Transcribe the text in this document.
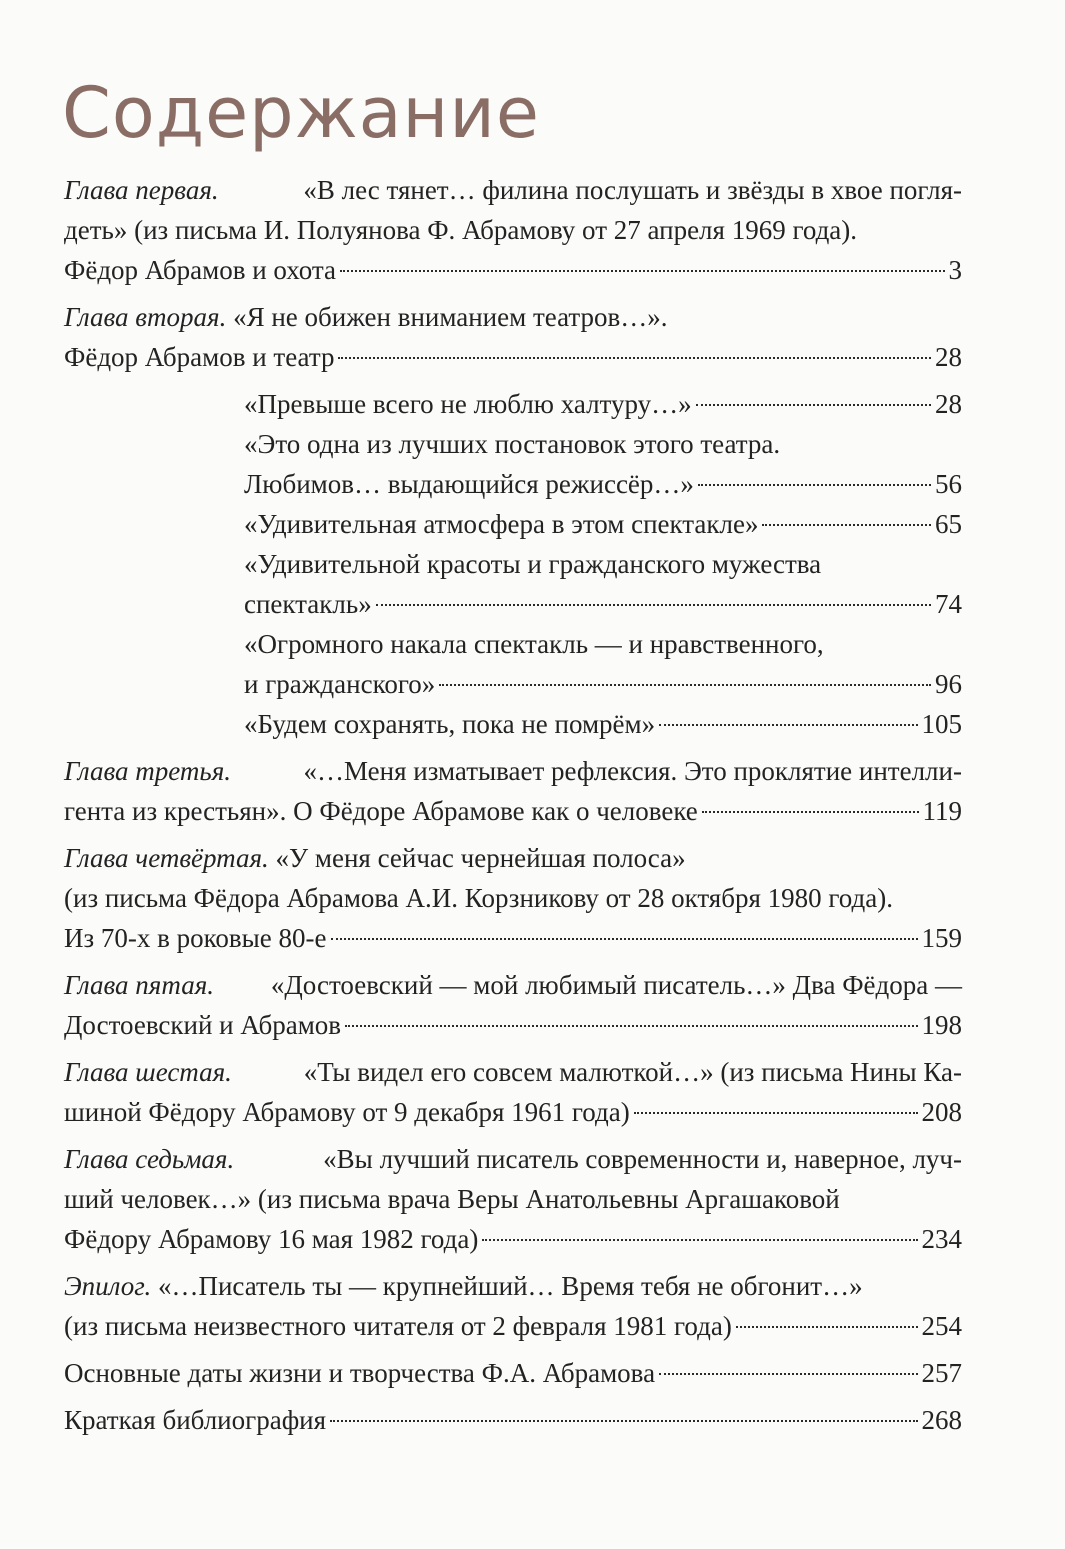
Содержание
Глава первая.
	«В лес тянет… филина послушать и звёзды в хвое погля-
деть» (из письма И. Полуянова Ф. Абрамову от 27 апреля 1969 года).
Фёдор Абрамов и охота	3
Глава вторая.
«Я не обижен вниманием театров…».
Фёдор Абрамов и театр	28
«Превыше всего не люблю халтуру…»	28
«Это одна из лучших постановок этого театра.
Любимов… выдающийся режиссёр…»	56
«Удивительная атмосфера в этом спектакле»	65
«Удивительной красоты и гражданского мужества
спектакль»	74
«Огромного накала спектакль — и нравственного,
и гражданского»	96
«Будем сохранять, пока не помрём»	105
Глава третья.
	«…Меня изматывает рефлексия. Это проклятие интелли-
гента из крестьян». О Фёдоре Абрамове как о человеке	119
Глава четвёртая.
«У меня сейчас чернейшая полоса»
(из письма Фёдора Абрамова А.И. Корзникову от 28 октября 1980 года).
Из 70-х в роковые 80-е	159
Глава пятая.
«Достоевский — мой любимый писатель…» Два Фёдора —
Достоевский и Абрамов	198
Глава шестая.
	«Ты видел его совсем малюткой…» (из письма Нины Ка-
шиной Фёдору Абрамову от 9 декабря 1961 года)	208
Глава седьмая.
	«Вы лучший писатель современности и, наверное, луч-
ший человек…» (из письма врача Веры Анатольевны Аргашаковой
Фёдору Абрамову 16 мая 1982 года)	234
Эпилог.
«…Писатель ты — крупнейший… Время тебя не обгонит…»
(из письма неизвестного читателя от 2 февраля 1981 года)	254
Основные даты жизни и творчества Ф.А. Абрамова	257
Краткая библиография	268
